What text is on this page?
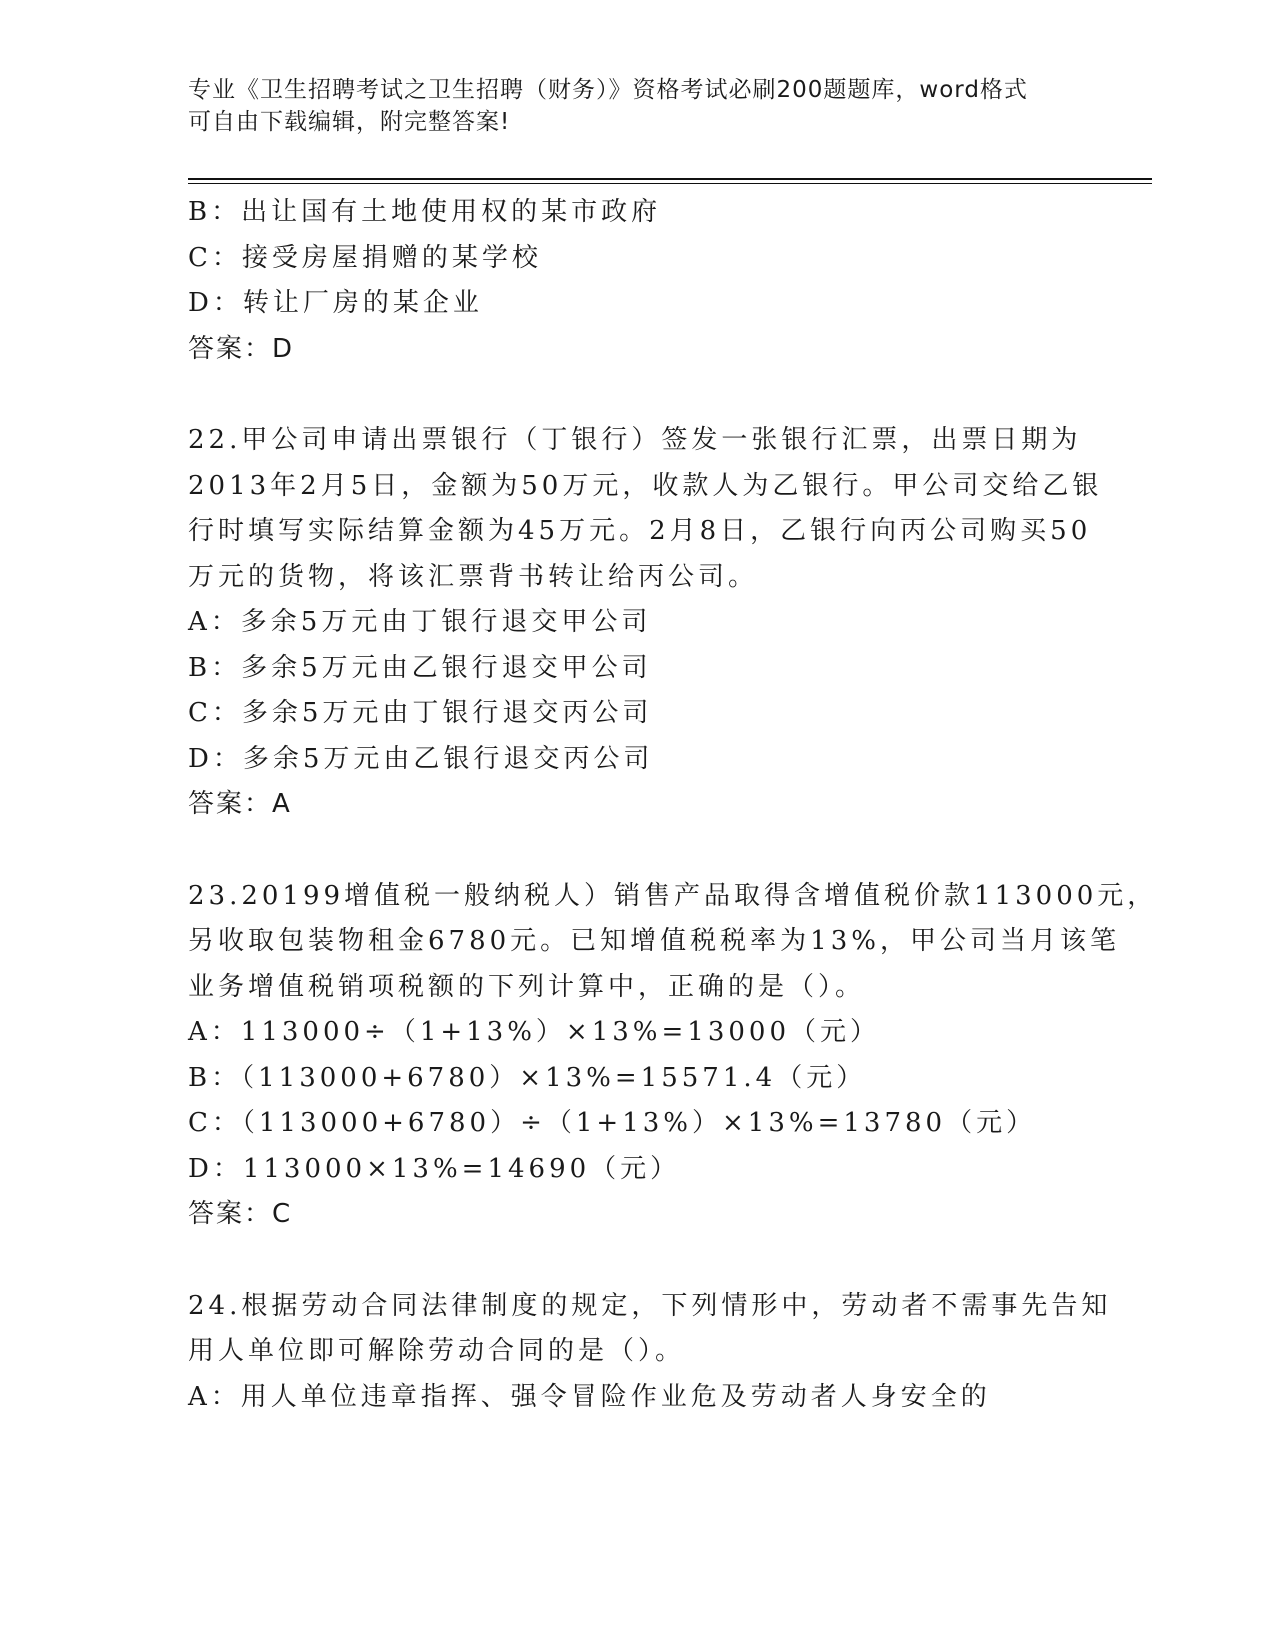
专业《卫生招聘考试之卫生招聘（财务）》资格考试必刷200题题库，word格式
可自由下载编辑，附完整答案!
B：出让国有土地使用权的某市政府
C：接受房屋捐赠的某学校
D：转让厂房的某企业
答案：D
22.甲公司申请出票银行（丁银行）签发一张银行汇票，出票日期为
2013年2月5日，金额为50万元，收款人为乙银行。甲公司交给乙银
行时填写实际结算金额为45万元。2月8日，乙银行向丙公司购买50
万元的货物，将该汇票背书转让给丙公司。
A：多余5万元由丁银行退交甲公司
B：多余5万元由乙银行退交甲公司
C：多余5万元由丁银行退交丙公司
D：多余5万元由乙银行退交丙公司
答案：A
23.20199增值税一般纳税人）销售产品取得含增值税价款113000元，
另收取包装物租金6780元。已知增值税税率为13%，甲公司当月该笔
业务增值税销项税额的下列计算中，正确的是（）。
A：113000÷（1+13%）×13%=13000（元）
B：（113000+6780）×13%=15571.4（元）
C：（113000+6780）÷（1+13%）×13%=13780（元）
D：113000×13%=14690（元）
答案：C
24.根据劳动合同法律制度的规定，下列情形中，劳动者不需事先告知
用人单位即可解除劳动合同的是（）。
A：用人单位违章指挥、强令冒险作业危及劳动者人身安全的
